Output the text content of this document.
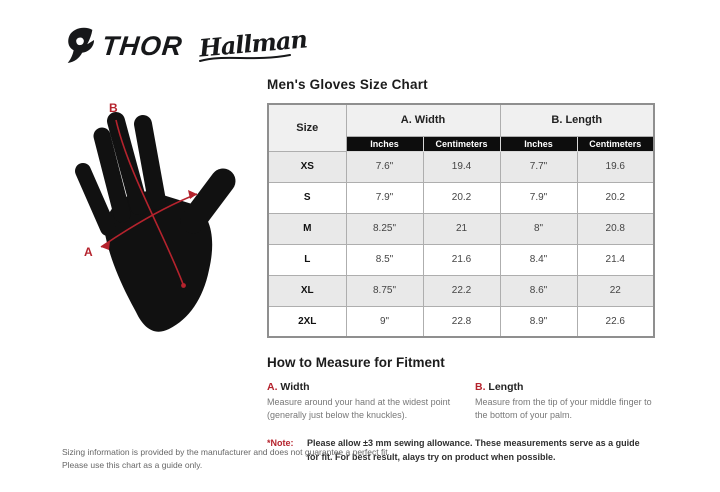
THOR Hallman
B
A
Men's Gloves Size Chart
Size	A. Width		B. Length	
	Inches	Centimeters	Inches	Centimeters
XS	7.6"	19.4	7.7"	19.6
S	7.9"	20.2	7.9"	20.2
M	8.25"	21	8"	20.8
L	8.5"	21.6	8.4"	21.4
XL	8.75"	22.2	8.6"	22
2XL	9"	22.8	8.9"	22.6
How to Measure for Fitment
A. Width
Measure around your hand at the widest point (generally just below the knuckles).
B. Length
Measure from the tip of your middle finger to the bottom of your palm.
*Note:	Please allow ±3 mm sewing allowance. These measurements serve as a guide for fit. For best result, alays try on product when possible.
Sizing information is provided by the manufacturer and does not guarantee a perfect fit.
Please use this chart as a guide only.
